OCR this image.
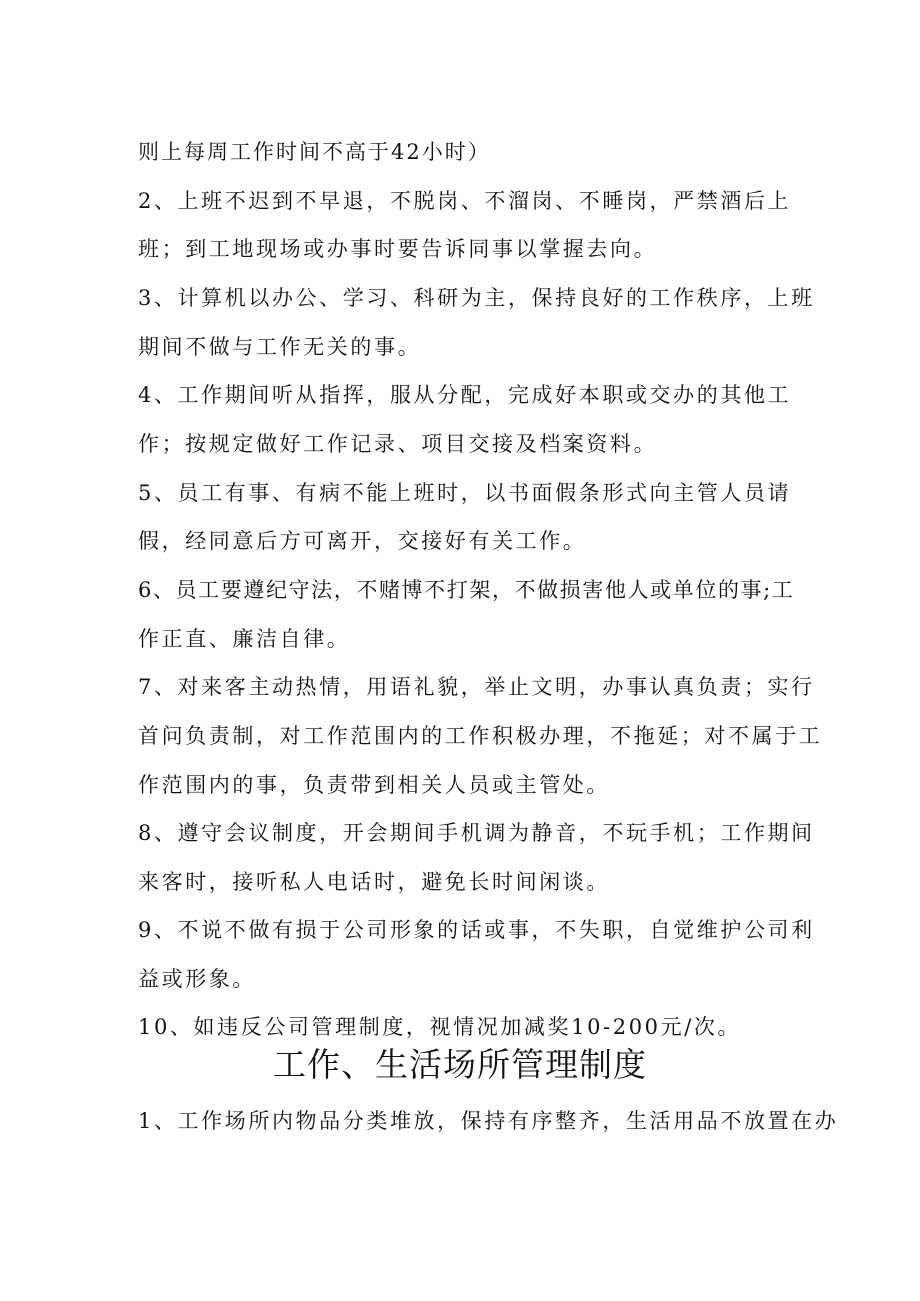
则上每周工作时间不高于42小时）
2、上班不迟到不早退，不脱岗、不溜岗、不睡岗，严禁酒后上
班；到工地现场或办事时要告诉同事以掌握去向。
3、计算机以办公、学习、科研为主，保持良好的工作秩序，上班
期间不做与工作无关的事。
4、工作期间听从指挥，服从分配，完成好本职或交办的其他工
作；按规定做好工作记录、项目交接及档案资料。
5、员工有事、有病不能上班时，以书面假条形式向主管人员请
假，经同意后方可离开，交接好有关工作。
6、员工要遵纪守法，不赌博不打架，不做损害他人或单位的事;工
作正直、廉洁自律。
7、对来客主动热情，用语礼貌，举止文明，办事认真负责；实行
首问负责制，对工作范围内的工作积极办理，不拖延；对不属于工
作范围内的事，负责带到相关人员或主管处。
8、遵守会议制度，开会期间手机调为静音，不玩手机；工作期间
来客时，接听私人电话时，避免长时间闲谈。
9、不说不做有损于公司形象的话或事，不失职，自觉维护公司利
益或形象。
10、如违反公司管理制度，视情况加减奖10-200元/次。
工作、生活场所管理制度
1、工作场所内物品分类堆放，保持有序整齐，生活用品不放置在办
